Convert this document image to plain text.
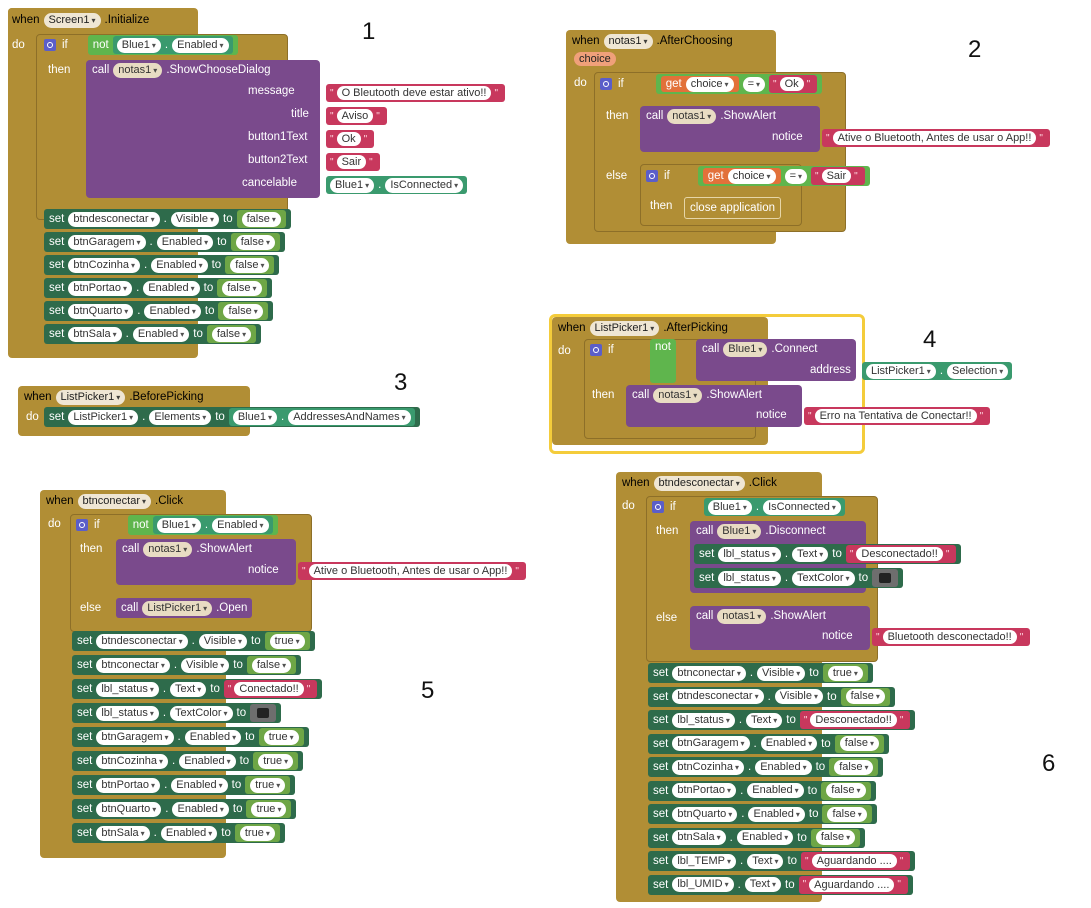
1
2
3
4
5
6
when Screen1 ▾ .Initialize
do	if not	Blue1 ▾ . Enabled ▾
then call notas1 ▾ .ShowChooseDialog
message	" O Bleutooth deve estar ativo!! "
title " Aviso "
button1Text " Ok "
button2Text " Sair "
cancelable	Blue1 ▾ . IsConnected ▾
set btndesconectar ▾ . Visible ▾ to	false ▾
set btnGaragem ▾ . Enabled ▾ to	false ▾
set btnCozinha ▾ . Enabled ▾ to	false ▾
set btnPortao ▾ . Enabled ▾ to	false ▾
set btnQuarto ▾ . Enabled ▾ to	false ▾
set btnSala ▾ . Enabled ▾ to	false ▾
when notas1 ▾ .AfterChoosing
choice
do	if	get choice ▾	= ▾	" Ok "
then call notas1 ▾ .ShowAlert
notice " Ative o Bluetooth, Antes de usar o App!! "
else	if	get choice ▾	= ▾	" Sair "
then	close application
when ListPicker1 ▾ .BeforePicking
do set ListPicker1 ▾ . Elements ▾ to	Blue1 ▾ . AddressesAndNames ▾
when ListPicker1 ▾ .AfterPicking
do	if	not	call Blue1 ▾ .Connect
address	ListPicker1 ▾ . Selection ▾
then call notas1 ▾ .ShowAlert
notice " Erro na Tentativa de Conectar!! "
when btnconectar ▾ .Click
do	if	not	Blue1 ▾ . Enabled ▾
then call notas1 ▾ .ShowAlert
notice " Ative o Bluetooth, Antes de usar o App!! "
else call ListPicker1 ▾ .Open
set btndesconectar ▾ . Visible ▾ to	true ▾
set btnconectar ▾ . Visible ▾ to	false ▾
set lbl_status ▾ . Text ▾ to " Conectado!! "
set lbl_status ▾ . TextColor ▾ to
set btnGaragem ▾ . Enabled ▾ to	true ▾
set btnCozinha ▾ . Enabled ▾ to	true ▾
set btnPortao ▾ . Enabled ▾ to	true ▾
set btnQuarto ▾ . Enabled ▾ to	true ▾
set btnSala ▾ . Enabled ▾ to	true ▾
when btndesconectar ▾ .Click
do	if	Blue1 ▾ . IsConnected ▾
then call Blue1 ▾ .Disconnect
set lbl_status ▾ . Text ▾ to " Desconectado!! "
set lbl_status ▾ . TextColor ▾ to
else call notas1 ▾ .ShowAlert
notice " Bluetooth desconectado!! "
set btnconectar ▾ . Visible ▾ to	true ▾
set btndesconectar ▾ . Visible ▾ to	false ▾
set lbl_status ▾ . Text ▾ to " Desconectado!! "
set btnGaragem ▾ . Enabled ▾ to	false ▾
set btnCozinha ▾ . Enabled ▾ to	false ▾
set btnPortao ▾ . Enabled ▾ to	false ▾
set btnQuarto ▾ . Enabled ▾ to	false ▾
set btnSala ▾ . Enabled ▾ to	false ▾
set lbl_TEMP ▾ . Text ▾ to " Aguardando .... "
set lbl_UMID ▾ . Text ▾ to " Aguardando .... "
